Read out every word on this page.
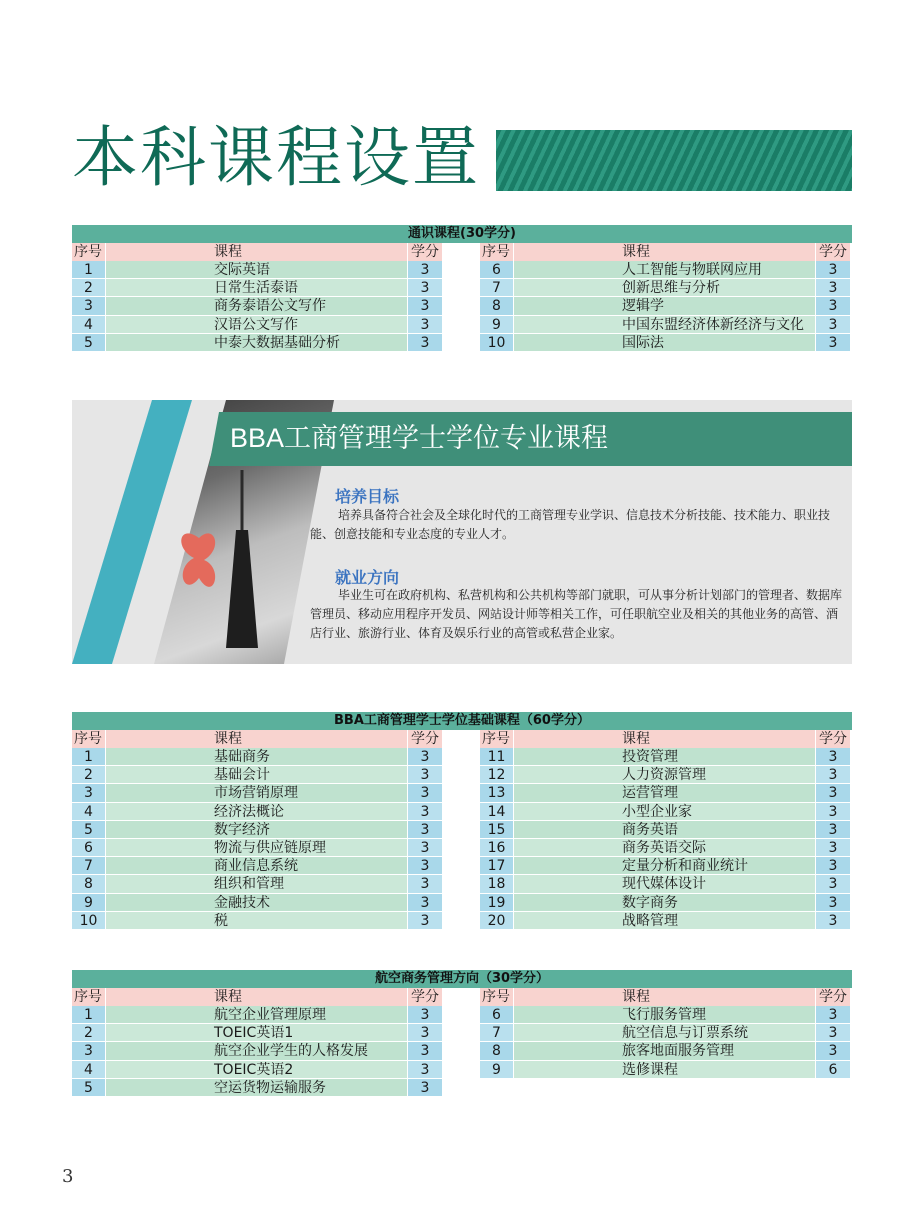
本科课程设置
通识课程(30学分)
序号	课程	学分	序号	课程	学分
1	交际英语	3	6	人工智能与物联网应用	3
2	日常生活泰语	3	7	创新思维与分析	3
3	商务泰语公文写作	3	8	逻辑学	3
4	汉语公文写作	3	9	中国东盟经济体新经济与文化	3
5	中泰大数据基础分析	3	10	国际法	3
BBA工商管理学士学位专业课程
培养目标
培养具备符合社会及全球化时代的工商管理专业学识、信息技术分析技能、技术能力、职业技能、创意技能和专业态度的专业人才。
就业方向
毕业生可在政府机构、私营机构和公共机构等部门就职，可从事分析计划部门的管理者、数据库管理员、移动应用程序开发员、网站设计师等相关工作，可任职航空业及相关的其他业务的高管、酒店行业、旅游行业、体育及娱乐行业的高管或私营企业家。
BBA工商管理学士学位基础课程（60学分）
序号	课程	学分	序号	课程	学分
1	基础商务	3	11	投资管理	3
2	基础会计	3	12	人力资源管理	3
3	市场营销原理	3	13	运营管理	3
4	经济法概论	3	14	小型企业家	3
5	数字经济	3	15	商务英语	3
6	物流与供应链原理	3	16	商务英语交际	3
7	商业信息系统	3	17	定量分析和商业统计	3
8	组织和管理	3	18	现代媒体设计	3
9	金融技术	3	19	数字商务	3
10	税	3	20	战略管理	3
航空商务管理方向（30学分）
序号	课程	学分	序号	课程	学分
1	航空企业管理原理	3	6	飞行服务管理	3
2	TOEIC英语1	3	7	航空信息与订票系统	3
3	航空企业学生的人格发展	3	8	旅客地面服务管理	3
4	TOEIC英语2	3	9	选修课程	6
5	空运货物运输服务	3
3
